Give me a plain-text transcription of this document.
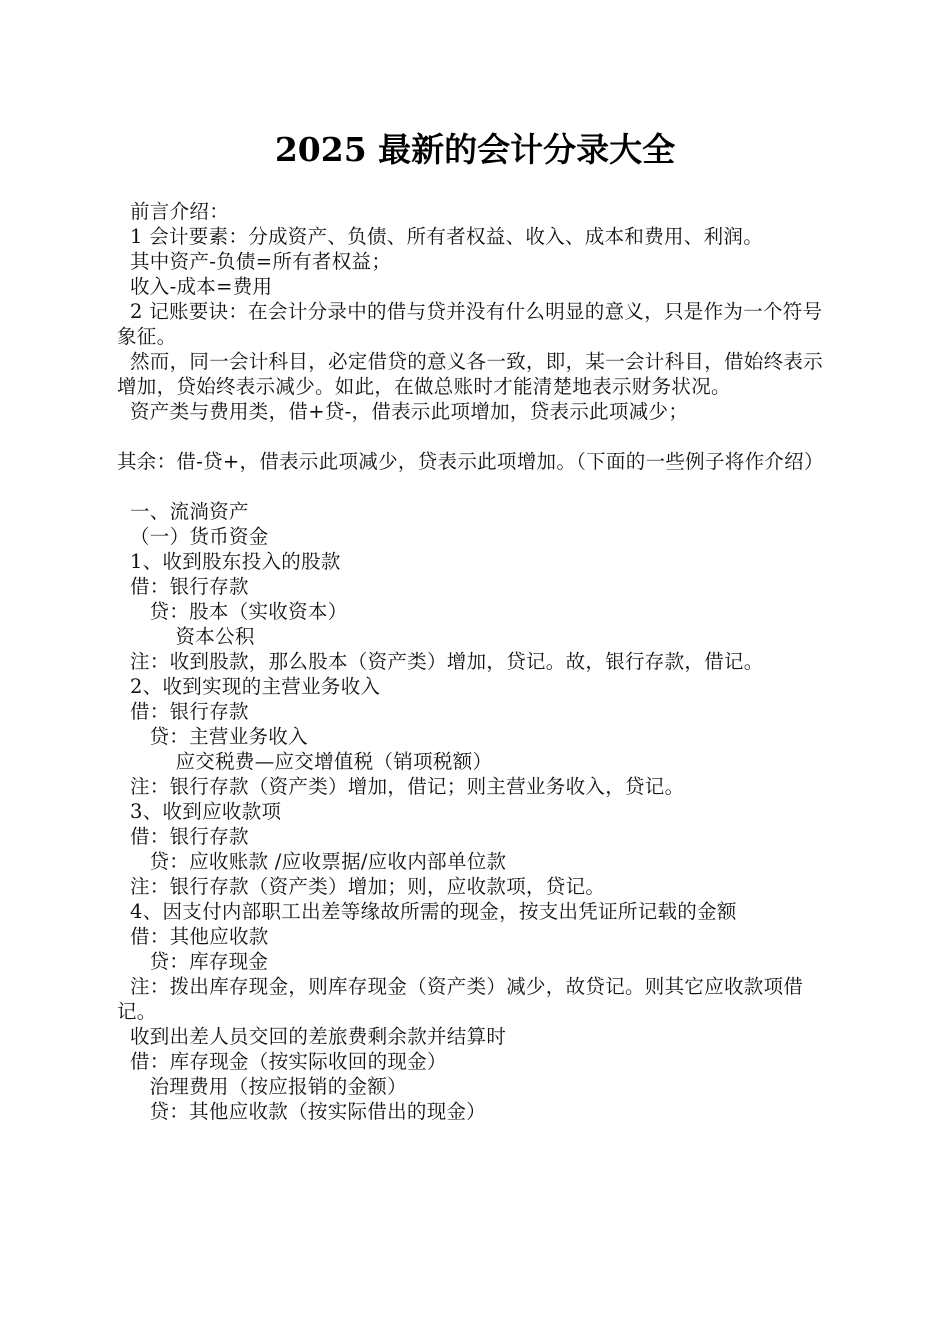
2025 最新的会计分录大全

前言介绍：

1 会计要素：分成资产、负债、所有者权益、收入、成本和费用、利润。

其中资产-负债=所有者权益；

收入-成本=费用

2 记账要诀：在会计分录中的借与贷并没有什么明显的意义，只是作为一个符号象征。

然而，同一会计科目，必定借贷的意义各一致，即，某一会计科目，借始终表示增加，贷始终表示减少。如此，在做总账时才能清楚地表示财务状况。

资产类与费用类，借+贷-，借表示此项增加，贷表示此项减少；

其余：借-贷+，借表示此项减少，贷表示此项增加。（下面的一些例子将作介绍）

一、流淌资产

（一）货币资金

1、收到股东投入的股款

借：银行存款

贷：股本（实收资本）

资本公积

注：收到股款，那么股本（资产类）增加，贷记。故，银行存款，借记。

2、收到实现的主营业务收入

借：银行存款

贷：主营业务收入

应交税费—应交增值税（销项税额）

注：银行存款（资产类）增加，借记；则主营业务收入，贷记。

3、收到应收款项

借：银行存款

贷：应收账款 /应收票据/应收内部单位款

注：银行存款（资产类）增加；则，应收款项，贷记。

4、因支付内部职工出差等缘故所需的现金，按支出凭证所记载的金额

借：其他应收款

贷：库存现金

注：拨出库存现金，则库存现金（资产类）减少，故贷记。则其它应收款项借记。

收到出差人员交回的差旅费剩余款并结算时

借：库存现金（按实际收回的现金）

治理费用（按应报销的金额）

贷：其他应收款（按实际借出的现金）
